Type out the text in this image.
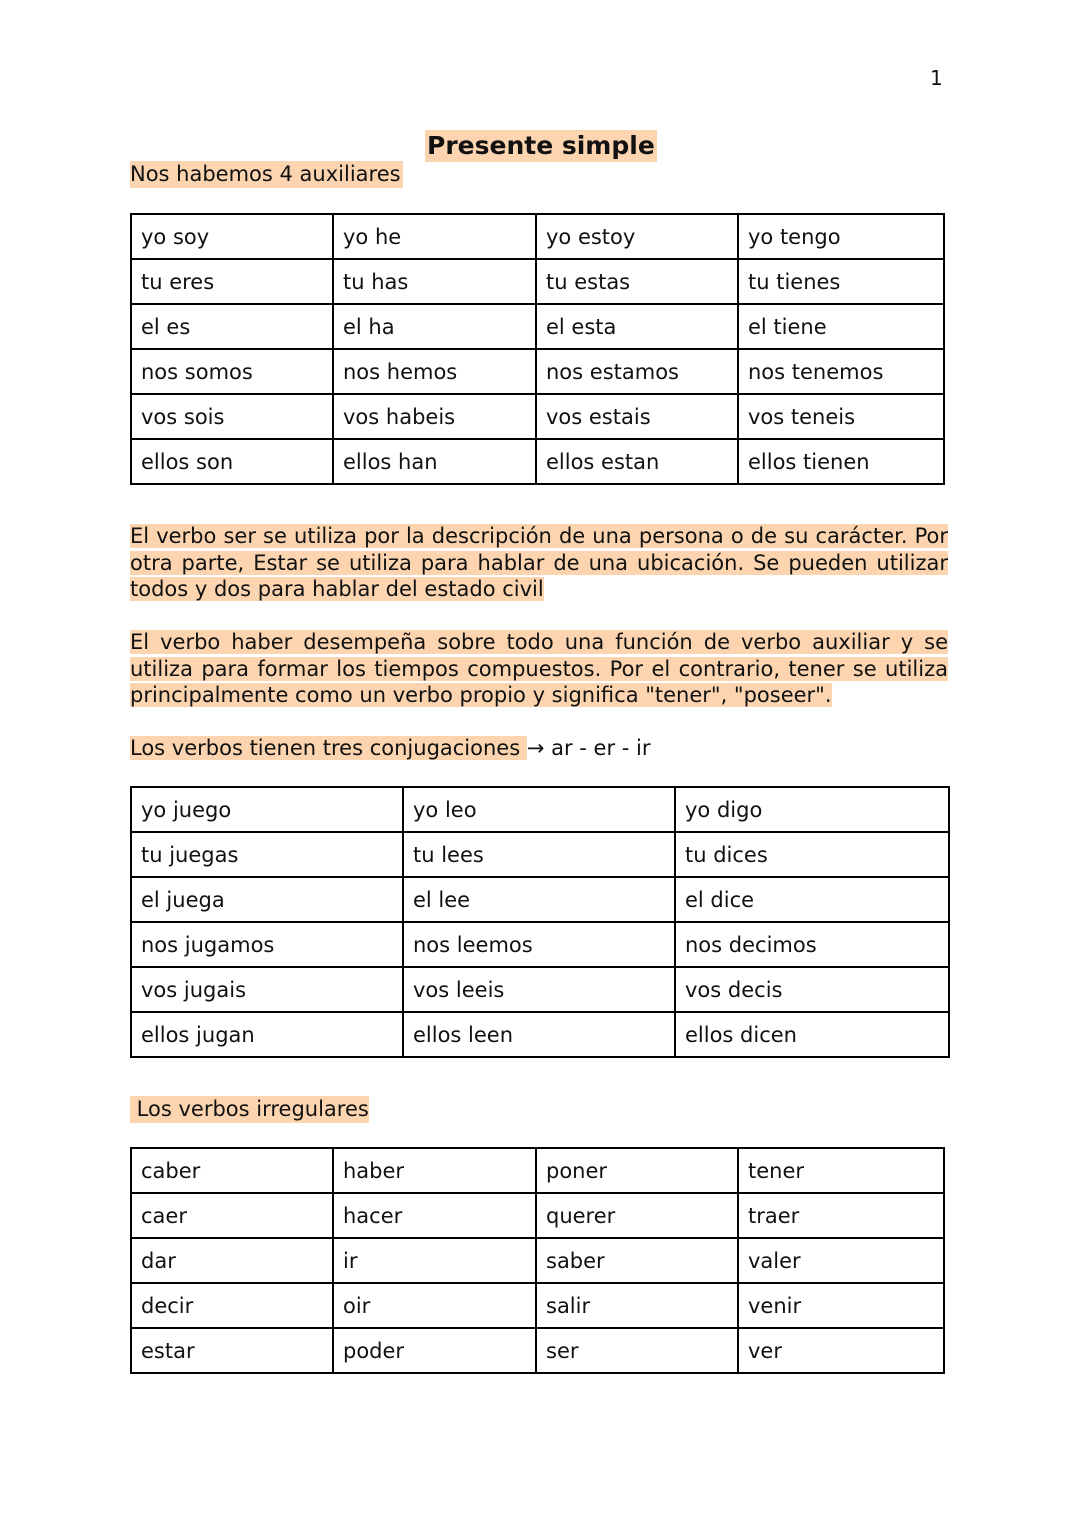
1
Presente simple
Nos habemos 4 auxiliares
yo soy	yo he	yo estoy	yo tengo
tu eres	tu has	tu estas	tu tienes
el es	el ha	el esta	el tiene
nos somos	nos hemos	nos estamos	nos tenemos
vos sois	vos habeis	vos estais	vos teneis
ellos son	ellos han	ellos estan	ellos tienen

El verbo ser se utiliza por la descripción de una persona o de su carácter. Por otra parte, Estar se utiliza para hablar de una ubicación. Se pueden utilizar todos y dos para hablar del estado civil

El verbo haber desempeña sobre todo una función de verbo auxiliar y se utiliza para formar los tiempos compuestos. Por el contrario, tener se utiliza principalmente como un verbo propio y significa "tener", "poseer".

Los verbos tienen tres conjugaciones → ar - er - ir
yo juego	yo leo	yo digo
tu juegas	tu lees	tu dices
el juega	el lee	el dice
nos jugamos	nos leemos	nos decimos
vos jugais	vos leeis	vos decis
ellos jugan	ellos leen	ellos dicen
Los verbos irregulares
caber	haber	poner	tener
caer	hacer	querer	traer
dar	ir	saber	valer
decir	oir	salir	venir
estar	poder	ser	ver
